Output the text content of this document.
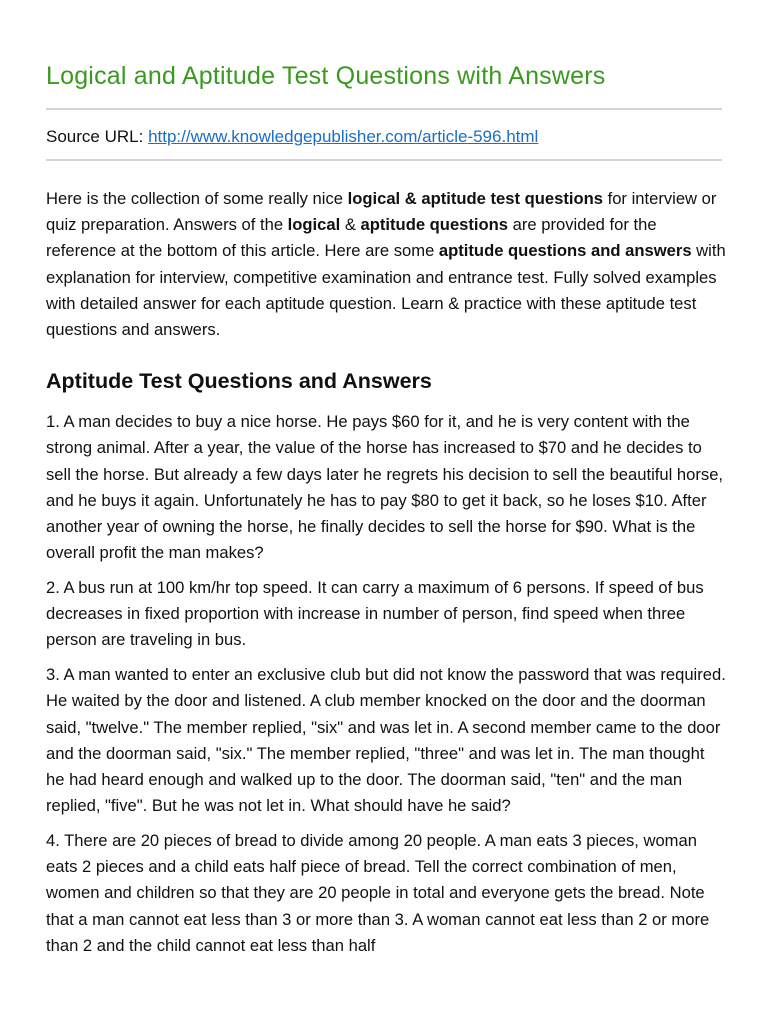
Logical and Aptitude Test Questions with Answers
Source URL: http://www.knowledgepublisher.com/article-596.html

Here is the collection of some really nice logical & aptitude test questions for interview or quiz preparation. Answers of the logical & aptitude questions are provided for the reference at the bottom of this article. Here are some aptitude questions and answers with explanation for interview, competitive examination and entrance test. Fully solved examples with detailed answer for each aptitude question. Learn & practice with these aptitude test questions and answers.

Aptitude Test Questions and Answers

1. A man decides to buy a nice horse. He pays $60 for it, and he is very content with the strong animal. After a year, the value of the horse has increased to $70 and he decides to sell the horse. But already a few days later he regrets his decision to sell the beautiful horse, and he buys it again. Unfortunately he has to pay $80 to get it back, so he loses $10. After another year of owning the horse, he finally decides to sell the horse for $90. What is the overall profit the man makes?

2. A bus run at 100 km/hr top speed. It can carry a maximum of 6 persons. If speed of bus decreases in fixed proportion with increase in number of person, find speed when three person are traveling in bus.

3. A man wanted to enter an exclusive club but did not know the password that was required. He waited by the door and listened. A club member knocked on the door and the doorman said, "twelve." The member replied, "six" and was let in. A second member came to the door and the doorman said, "six." The member replied, "three" and was let in. The man thought he had heard enough and walked up to the door. The doorman said, "ten" and the man replied, "five". But he was not let in. What should have he said?

4. There are 20 pieces of bread to divide among 20 people. A man eats 3 pieces, woman eats 2 pieces and a child eats half piece of bread. Tell the correct combination of men, women and children so that they are 20 people in total and everyone gets the bread. Note that a man cannot eat less than 3 or more than 3. A woman cannot eat less than 2 or more than 2 and the child cannot eat less than half
